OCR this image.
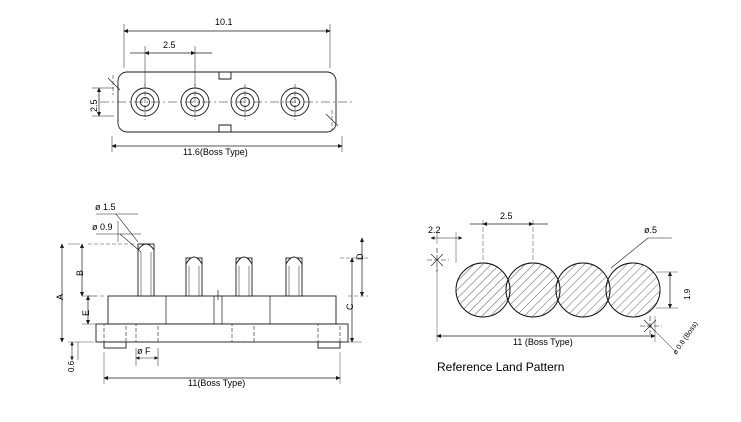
10.1
2.5
2.5
11.6(Boss Type)
ø 1.5
ø 0.9
B
A
E
0.6
C
D
ø F
11(Boss Type)
2.2
2.5
ø.5
1.9
ø 0.8 (Boss)
11 (Boss Type)
Reference Land Pattern
